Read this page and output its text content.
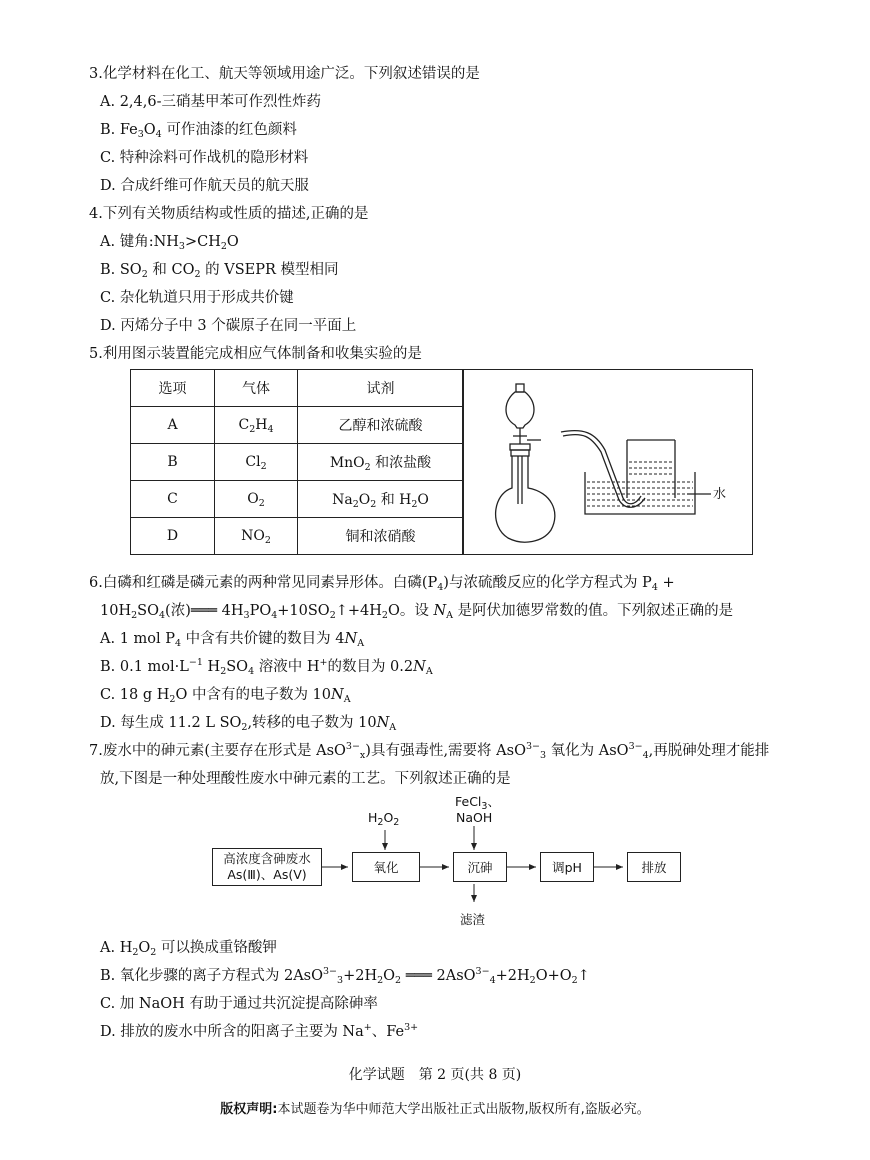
3.化学材料在化工、航天等领域用途广泛。下列叙述错误的是
A. 2,4,6-三硝基甲苯可作烈性炸药
B. $Fe_3O_4$ 可作油漆的红色颜料
C. 特种涂料可作战机的隐形材料
D. 合成纤维可作航天员的航天服
4.下列有关物质结构或性质的描述,正确的是
A. 键角$:NH_3>CH_2O$
B. $SO_2$ 和 $CO_2$ 的 VSEPR 模型相同
C. 杂化轨道只用于形成共价键
D. 丙烯分子中 3 个碳原子在同一平面上
5.利用图示装置能完成相应气体制备和收集实验的是
选项	气体	试剂
A	$C_2H_4$	乙醇和浓硫酸
B	$Cl_2$	MnO$_2$ 和浓盐酸
C	$O_2$	$Na_2O_2$ 和 $H_2O$
D	$NO_2$	铜和浓硝酸
水
6.白磷和红磷是磷元素的两种常见同素异形体。白磷$(P_4)$与浓硫酸反应的化学方程式为 $P_4$ +
$10H_2SO_4$(浓)═══ $4H_3PO_4+10SO_2↑+4H_2O$。设 $N_A$ 是阿伏加德罗常数的值。下列叙述正确的是
A. 1 mol $P_4$ 中含有共价键的数目为 $4N_A$
B. 0.1 $mol\cdot L^{-1}$ $H_2SO_4$ 溶液中 H+的数目为 $0.2N_A$
C. 18 g $H_2O$ 中含有的电子数为 $10N_A$
D. 每生成 11.2 L $SO_2$,转移的电子数为 $10N_A$
7.废水中的砷元素(主要存在形式是 AsO$^{3-}_x$)具有强毒性,需要将 AsO$^{3-}_3$ 氧化为 AsO$^{3-}_4$,再脱砷处理才能排
放,下图是一种处理酸性废水中砷元素的工艺。下列叙述正确的是
高浓度含砷废水
As(Ⅲ)、As(Ⅴ)	氧化	沉砷	调pH	排放
$H_2O_2$
FeCl$_3$、
NaOH
滤渣
A. $H_2O_2$ 可以换成重铬酸钾
B. 氧化步骤的离子方程式为 $2AsO^{3-}_3+2H_2O_2$ ═══ $2AsO^{3-}_4+2H_2O+O_2↑$
C. 加 NaOH 有助于通过共沉淀提高除砷率
D. 排放的废水中所含的阳离子主要为 Na+、$Fe^{3+}$
化学试题　第 2 页(共 8 页)
版权声明:本试题卷为华中师范大学出版社正式出版物,版权所有,盗版必究。
